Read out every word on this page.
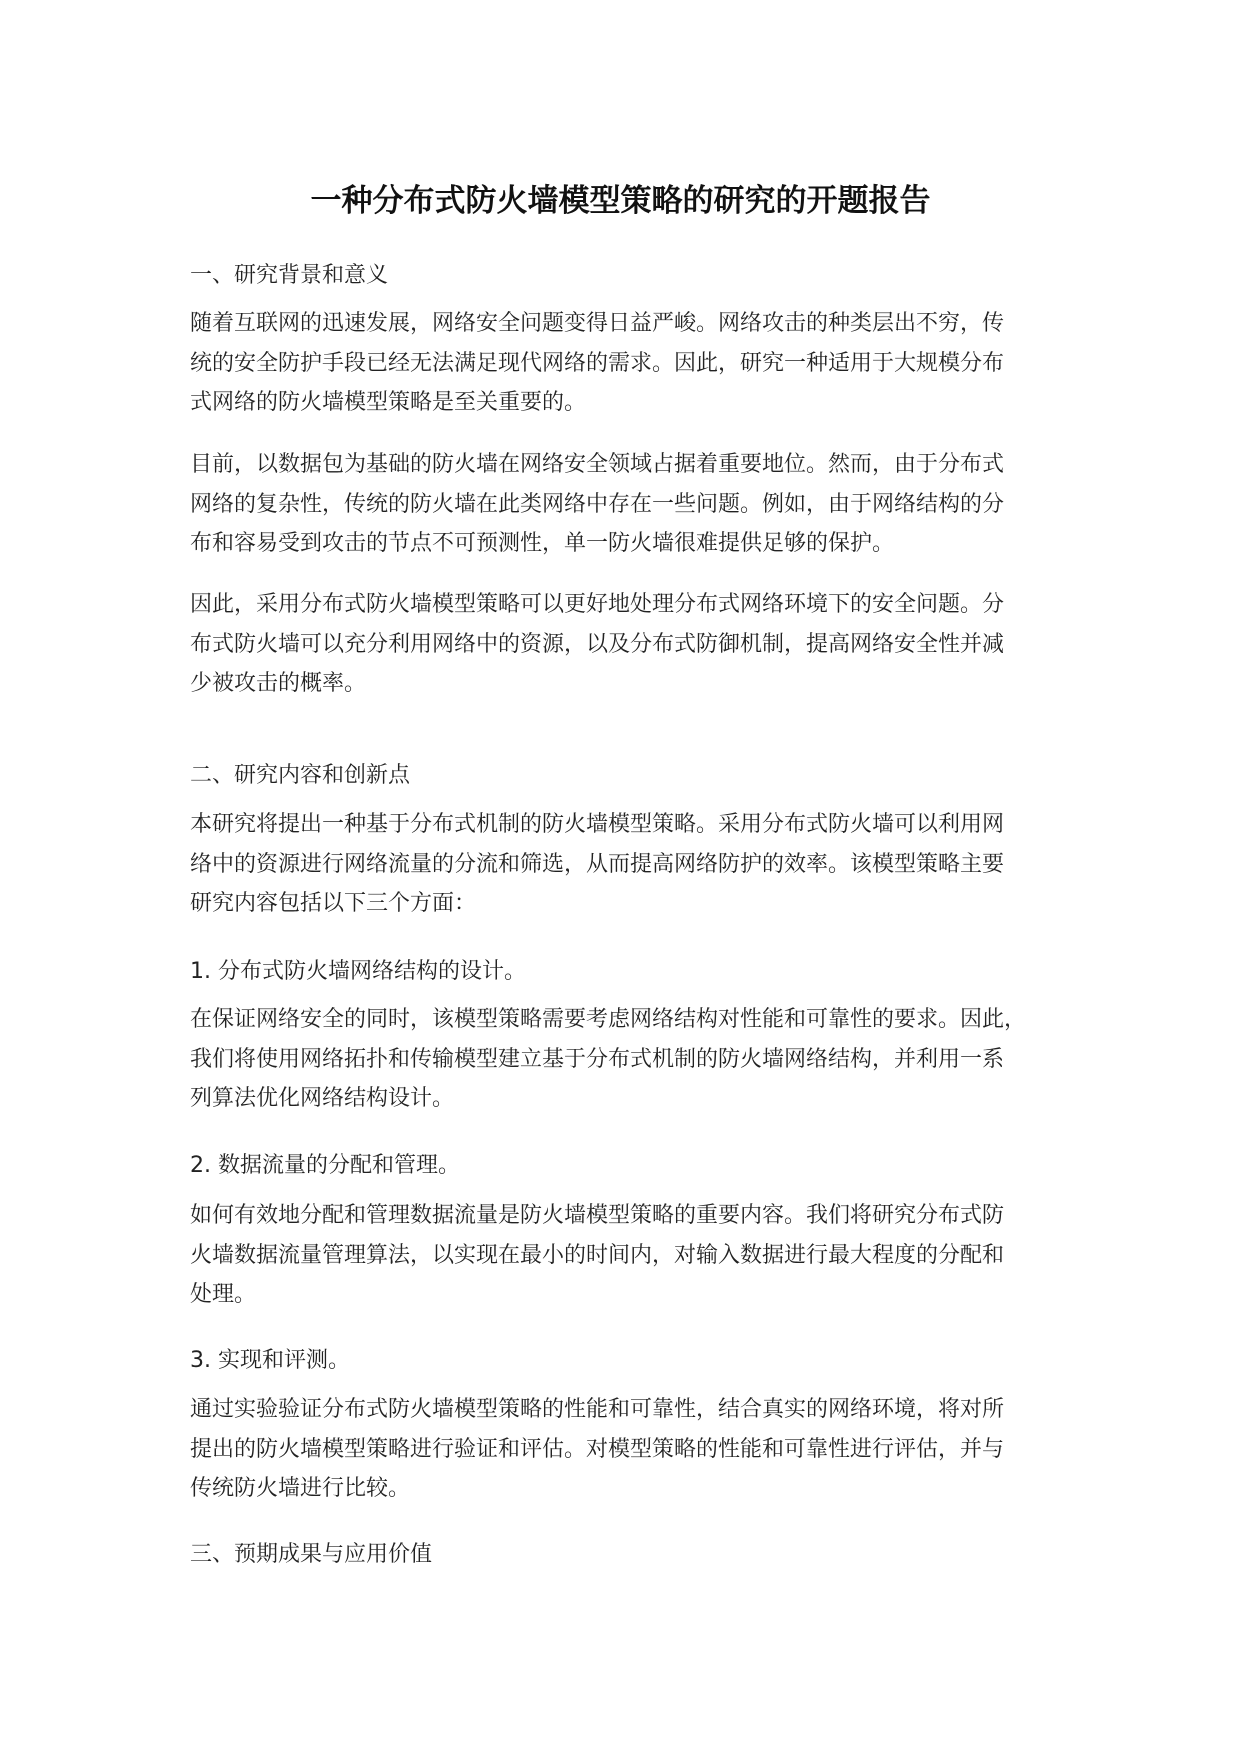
一种分布式防火墙模型策略的研究的开题报告

一、研究背景和意义

随着互联网的迅速发展，网络安全问题变得日益严峻。网络攻击的种类层出不穷，传
统的安全防护手段已经无法满足现代网络的需求。因此，研究一种适用于大规模分布
式网络的防火墙模型策略是至关重要的。

目前，以数据包为基础的防火墙在网络安全领域占据着重要地位。然而，由于分布式
网络的复杂性，传统的防火墙在此类网络中存在一些问题。例如，由于网络结构的分
布和容易受到攻击的节点不可预测性，单一防火墙很难提供足够的保护。

因此，采用分布式防火墙模型策略可以更好地处理分布式网络环境下的安全问题。分
布式防火墙可以充分利用网络中的资源，以及分布式防御机制，提高网络安全性并减
少被攻击的概率。

二、研究内容和创新点

本研究将提出一种基于分布式机制的防火墙模型策略。采用分布式防火墙可以利用网
络中的资源进行网络流量的分流和筛选，从而提高网络防护的效率。该模型策略主要
研究内容包括以下三个方面：

1. 分布式防火墙网络结构的设计。

在保证网络安全的同时，该模型策略需要考虑网络结构对性能和可靠性的要求。因此，
我们将使用网络拓扑和传输模型建立基于分布式机制的防火墙网络结构，并利用一系
列算法优化网络结构设计。

2. 数据流量的分配和管理。

如何有效地分配和管理数据流量是防火墙模型策略的重要内容。我们将研究分布式防
火墙数据流量管理算法，以实现在最小的时间内，对输入数据进行最大程度的分配和
处理。

3. 实现和评测。

通过实验验证分布式防火墙模型策略的性能和可靠性，结合真实的网络环境，将对所
提出的防火墙模型策略进行验证和评估。对模型策略的性能和可靠性进行评估，并与
传统防火墙进行比较。

三、预期成果与应用价值
